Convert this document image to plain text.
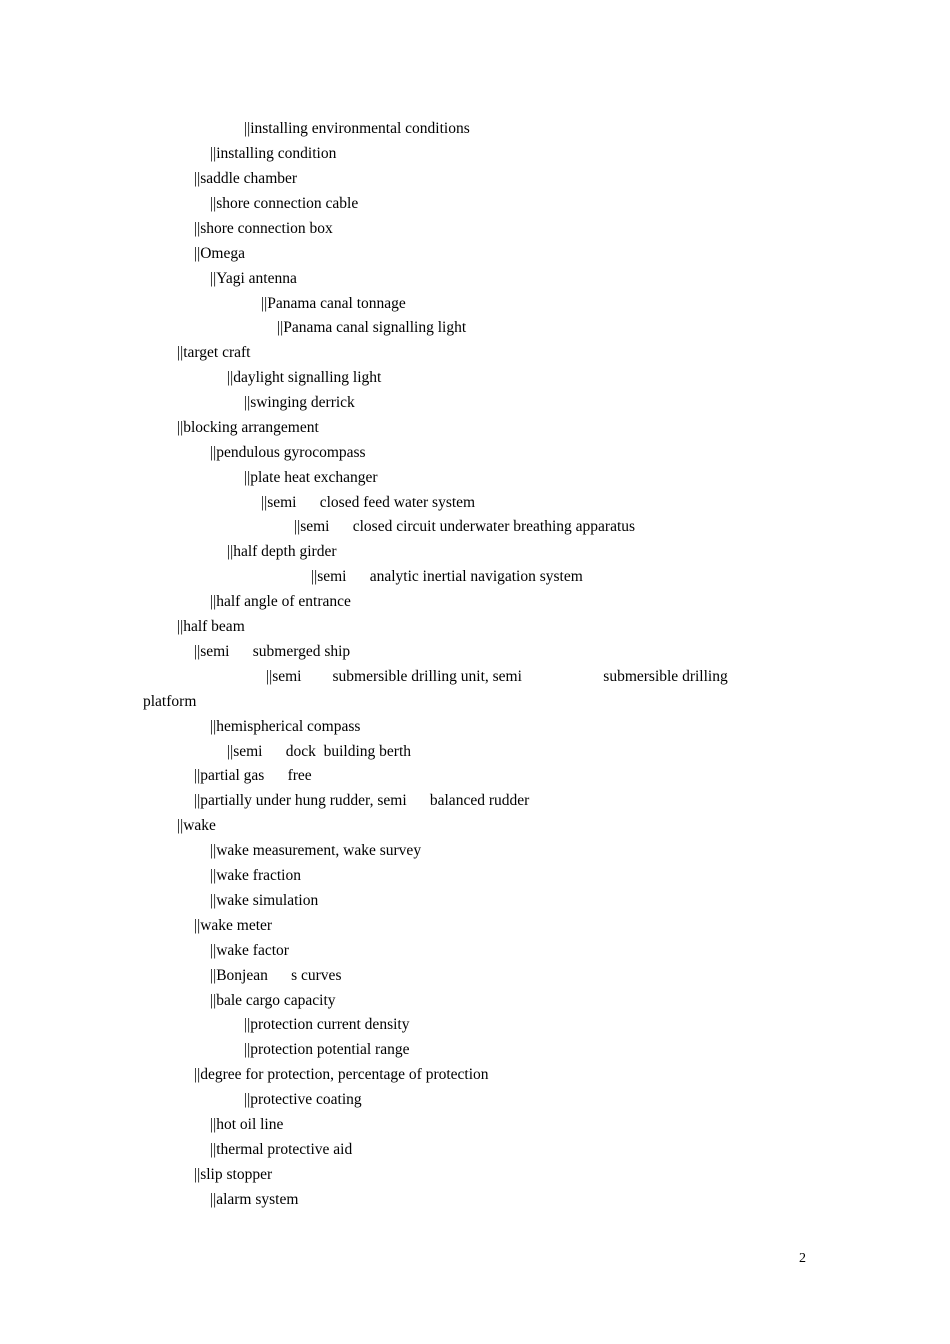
||installing environmental conditions
||installing condition
||saddle chamber
||shore connection cable
||shore connection box
||Omega
||Yagi antenna
||Panama canal tonnage
||Panama canal signalling light
||target craft
||daylight signalling light
||swinging derrick
||blocking arrangement
||pendulous gyrocompass
||plate heat exchanger
||semi      closed feed water system
||semi      closed circuit underwater breathing apparatus
||half depth girder
||semi      analytic inertial navigation system
||half angle of entrance
||half beam
||semi      submerged ship
||semi        submersible drilling unit, semi                     submersible drilling
platform
||hemispherical compass
||semi      dock  building berth
||partial gas      free
||partially under hung rudder, semi      balanced rudder
||wake
||wake measurement, wake survey
||wake fraction
||wake simulation
||wake meter
||wake factor
||Bonjean      s curves
||bale cargo capacity
||protection current density
||protection potential range
||degree for protection, percentage of protection
||protective coating
||hot oil line
||thermal protective aid
||slip stopper
||alarm system
2
